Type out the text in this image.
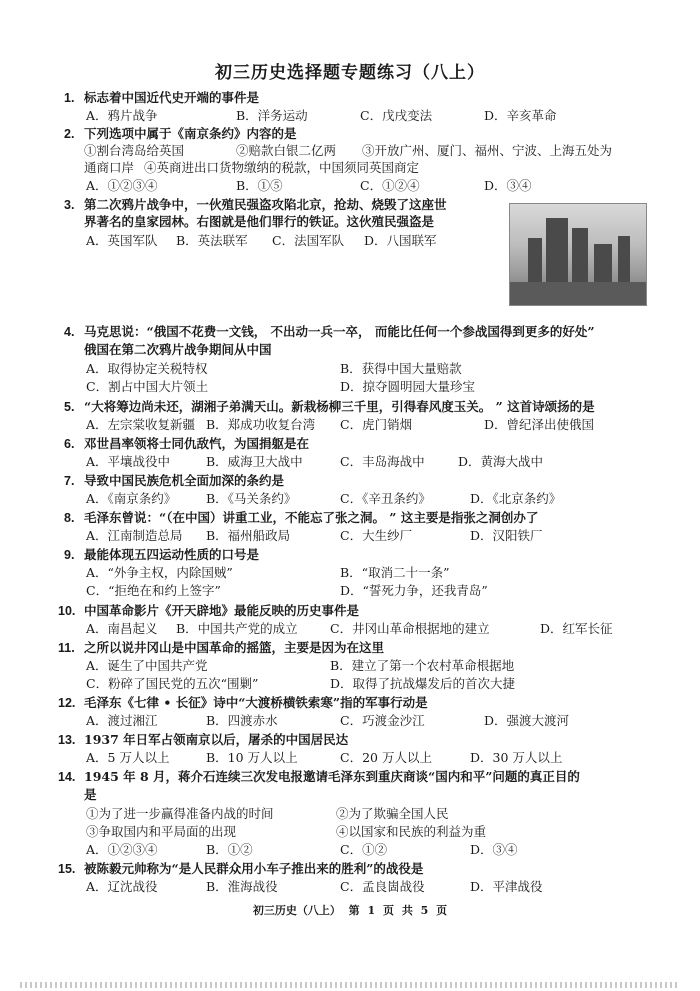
初三历史选择题专题练习（八上）
1. 标志着中国近代史开端的事件是
A．鸦片战争	B．洋务运动	C．戊戌变法	D．辛亥革命
2. 下列选项中属于《南京条约》内容的是
①割台湾岛给英国	②赔款白银二亿两 ③开放广州、厦门、福州、宁波、上海五处为
通商口岸 ④英商进出口货物缴纳的税款，中国须同英国商定
A．①②③④	B．①⑤	C．①②④	D．③④
3. 第二次鸦片战争中，一伙殖民强盗攻陷北京，抢劫、烧毁了这座世
界著名的皇家园林。右图就是他们罪行的铁证。这伙殖民强盗是
A．英国军队 B．英法联军 C．法国军队 D．八国联军
4. 马克思说：“俄国不花费一文钱， 不出动一兵一卒， 而能比任何一个参战国得到更多的好处”
俄国在第二次鸦片战争期间从中国
A．取得协定关税特权	B．获得中国大量赔款
C．割占中国大片领土	D．掠夺圆明园大量珍宝
5. “大将筹边尚未还，湖湘子弟满天山。新栽杨柳三千里，引得春风度玉关。 ” 这首诗颂扬的是
A．左宗棠收复新疆 B．郑成功收复台湾 C．虎门销烟	D．曾纪泽出使俄国
6. 邓世昌率领将士同仇敌忾，为国捐躯是在
A．平壤战役中	B．威海卫大战中	C．丰岛海战中	D．黄海大战中
7. 导致中国民族危机全面加深的条约是
A．《南京条约》 B．《马关条约》	C．《辛丑条约》	D．《北京条约》
8. 毛泽东曾说：“（在中国）讲重工业，不能忘了张之洞。 ” 这主要是指张之洞创办了
A．江南制造总局 B．福州船政局	C．大生纱厂	D．汉阳铁厂
9. 最能体现五四运动性质的口号是
A．“外争主权，内除国贼”	B．“取消二十一条”
C．“拒绝在和约上签字”	D．“誓死力争，还我青岛”
10. 中国革命影片《开天辟地》最能反映的历史事件是
A．南昌起义 B．中国共产党的成立	C．井冈山革命根据地的建立	D．红军长征
11. 之所以说井冈山是中国革命的摇篮，主要是因为在这里
A．诞生了中国共产党	B．建立了第一个农村革命根据地
C．粉碎了国民党的五次“围剿”	D．取得了抗战爆发后的首次大捷
12. 毛泽东《七律 • 长征》诗中“大渡桥横铁索寒”指的军事行动是
A．渡过湘江	B．四渡赤水	C．巧渡金沙江	D．强渡大渡河
13. 1937 年日军占领南京以后，屠杀的中国居民达
A．5 万人以上	B．10 万人以上	C．20 万人以上	D．30 万人以上
14. 1945 年 8 月，蒋介石连续三次发电报邀请毛泽东到重庆商谈“国内和平”问题的真正目的
是
①为了进一步赢得准备内战的时间	②为了欺骗全国人民
③争取国内和平局面的出现	④以国家和民族的利益为重
A．①②③④	B．①②	C．①②	D．③④
15. 被陈毅元帅称为“是人民群众用小车子推出来的胜利”的战役是
A．辽沈战役	B．淮海战役	C．孟良崮战役	D．平津战役
初三历史（八上） 第 1 页 共 5 页
